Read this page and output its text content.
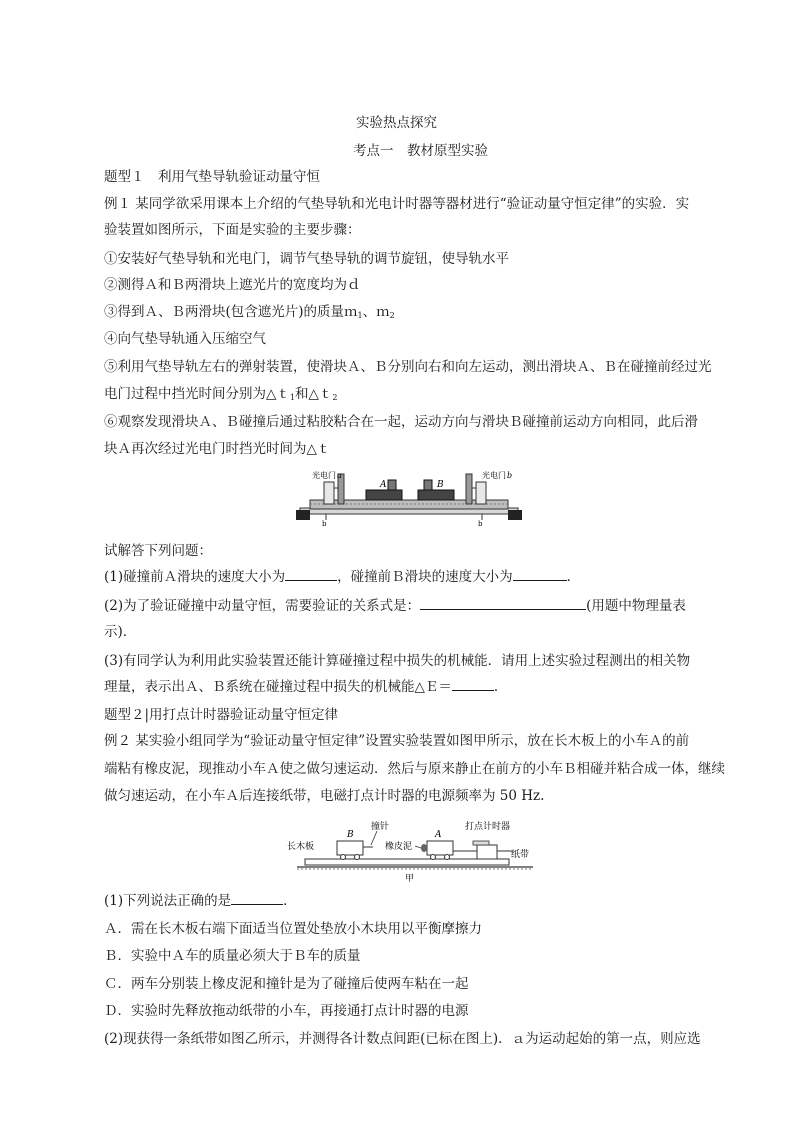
实验热点探究
考点一　教材原型实验
题型１　利用气垫导轨验证动量守恒
例１ 某同学欲采用课本上介绍的气垫导轨和光电计时器等器材进行“验证动量守恒定律”的实验．实
验装置如图所示，下面是实验的主要步骤：
①安装好气垫导轨和光电门，调节气垫导轨的调节旋钮，使导轨水平
②测得Ａ和Ｂ两滑块上遮光片的宽度均为ｄ
③得到Ａ、Ｂ两滑块(包含遮光片)的质量ｍ$_1$、ｍ$_2$
④向气垫导轨通入压缩空气
⑤利用气垫导轨左右的弹射装置，使滑块Ａ、Ｂ分别向右和向左运动，测出滑块Ａ、Ｂ在碰撞前经过光
电门过程中挡光时间分别为△ｔ$_1$和△ｔ$_2$
⑥观察发现滑块Ａ、Ｂ碰撞后通过粘胶粘合在一起，运动方向与滑块Ｂ碰撞前运动方向相同，此后滑
块Ａ再次经过光电门时挡光时间为△ｔ
光电门 a	光电门 b
A	B
b	b
试解答下列问题：
(1)碰撞前Ａ滑块的速度大小为	，碰撞前Ｂ滑块的速度大小为	．
(2)为了验证碰撞中动量守恒，需要验证的关系式是：	(用题中物理量表
示)．
(3)有同学认为利用此实验装置还能计算碰撞过程中损失的机械能．请用上述实验过程测出的相关物
理量，表示出Ａ、Ｂ系统在碰撞过程中损失的机械能△Ｅ＝	．
题型２|用打点计时器验证动量守恒定律
例２ 某实验小组同学为“验证动量守恒定律”设置实验装置如图甲所示，放在长木板上的小车Ａ的前
端粘有橡皮泥，现推动小车Ａ使之做匀速运动．然后与原来静止在前方的小车Ｂ相碰并粘合成一体，继续
做匀速运动，在小车Ａ后连接纸带，电磁打点计时器的电源频率为 50 Hz.
长木板
B
撞针
A
橡皮泥
打点计时器
纸带
甲
(1)下列说法正确的是	．
Ａ．需在长木板右端下面适当位置处垫放小木块用以平衡摩擦力
Ｂ．实验中Ａ车的质量必须大于Ｂ车的质量
Ｃ．两车分别装上橡皮泥和撞针是为了碰撞后使两车粘在一起
Ｄ．实验时先释放拖动纸带的小车，再接通打点计时器的电源
(2)现获得一条纸带如图乙所示，并测得各计数点间距(已标在图上)．ａ为运动起始的第一点，则应选
